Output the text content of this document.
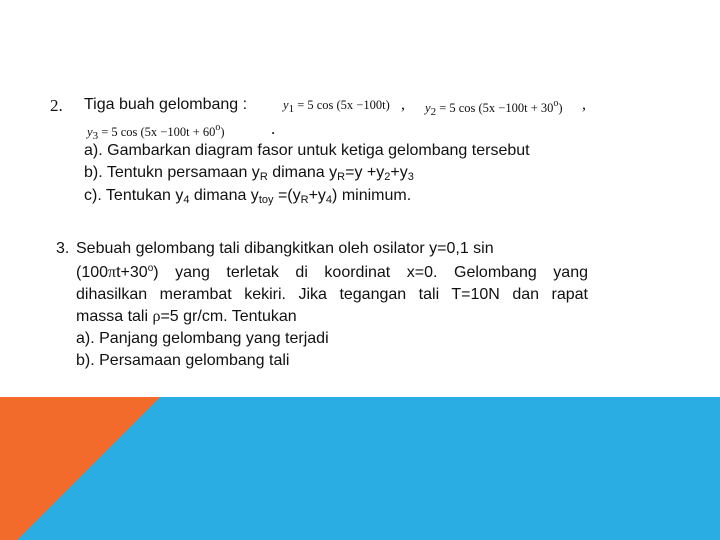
2. Tiga buah gelombang :	$y_1 = 5$ cos (5x −100t) , $y_2 = 5$ $\cos (5x -100t + 30^o)$ ,
$y_3 = 5$ $\cos (5x -100t + 60^o)$	.
a). Gambarkan diagram fasor untuk ketiga gelombang tersebut
b). Tentukn persamaan $y_R$ dimana $y_R=y +y_2+y_3$
c). Tentukan $y_4$ dimana $y_{toy} =(y_R+y_4)$ minimum.
3. Sebuah gelombang tali dibangkitkan oleh osilator y=0,1 sin
$(100\pi t+30^o)$ yang terletak di koordinat x=0. Gelombang yang
dihasilkan merambat kekiri. Jika tegangan tali T=10N dan rapat
massa tali ρ=5 gr/cm. Tentukan
a). Panjang gelombang yang terjadi
b). Persamaan gelombang tali
